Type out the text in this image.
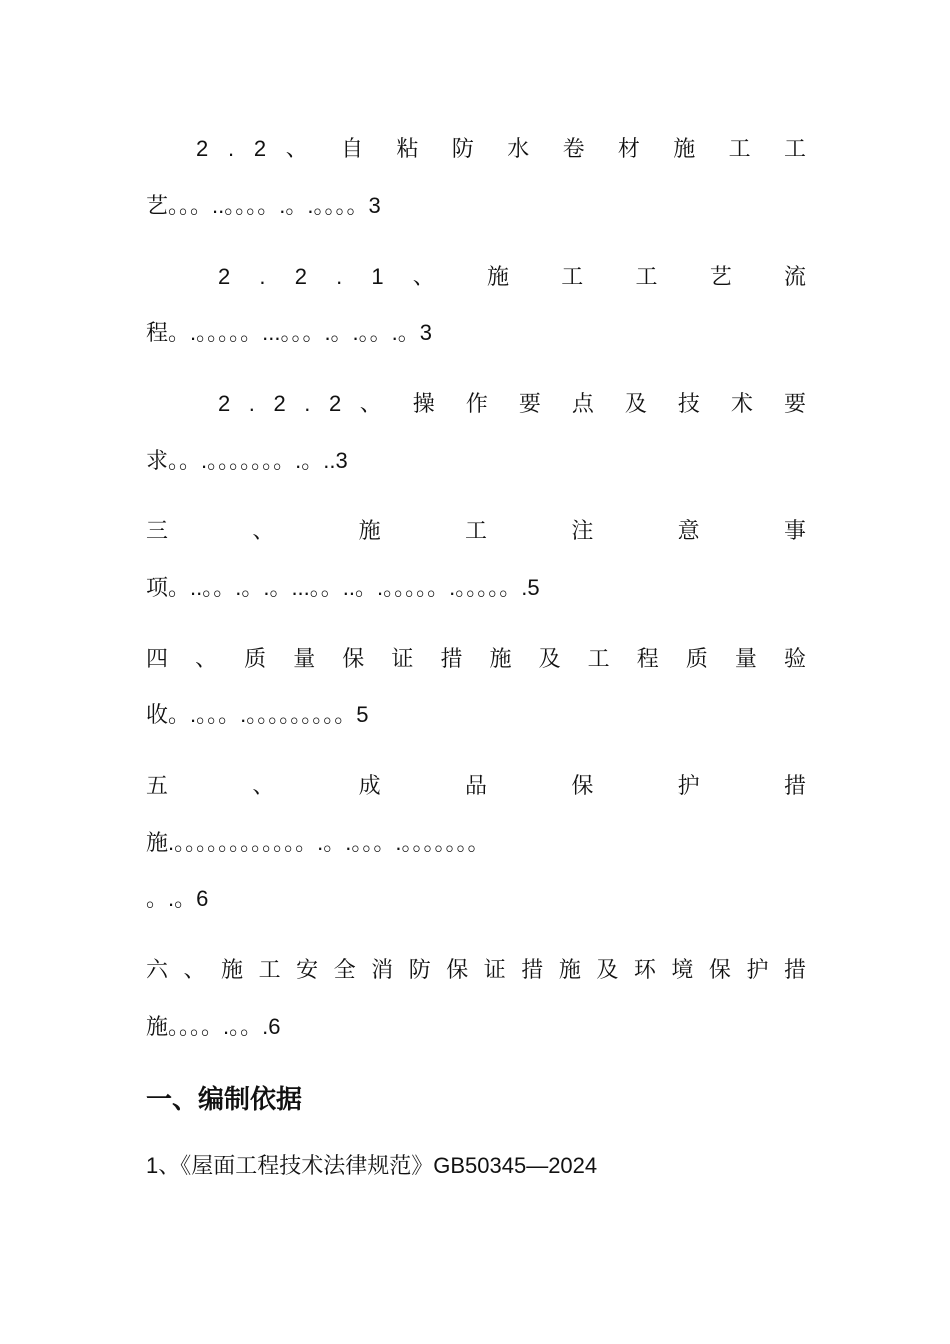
2 . 2 、 自 粘 防 水 卷 材 施 工 工
艺。。。..。。。。.。.。。。。3
2 . 2 . 1 、 施 工 工 艺 流
程。.。。。。。...。。。.。.。。.。3
2 . 2 . 2 、 操 作 要 点 及 技 术 要
求。。.。。。。。。。.。..3
三 、 施 工 注 意 事
项。..。。.。.。...。。..。.。。。。。.。。。。。.5
四 、 质 量 保 证 措 施 及 工 程 质 量 验
收。.。。。.。。。。。。。。。5
五 、 成 品 保 护 措
施.。。。。。。。。。。。。.。.。。。.。。。。。。。
。.。6
六 、 施 工 安 全 消 防 保 证 措 施 及 环 境 保 护 措
施。。。。.。。.6
一、编制依据
1、《屋面工程技术法律规范》GB50345—2024
